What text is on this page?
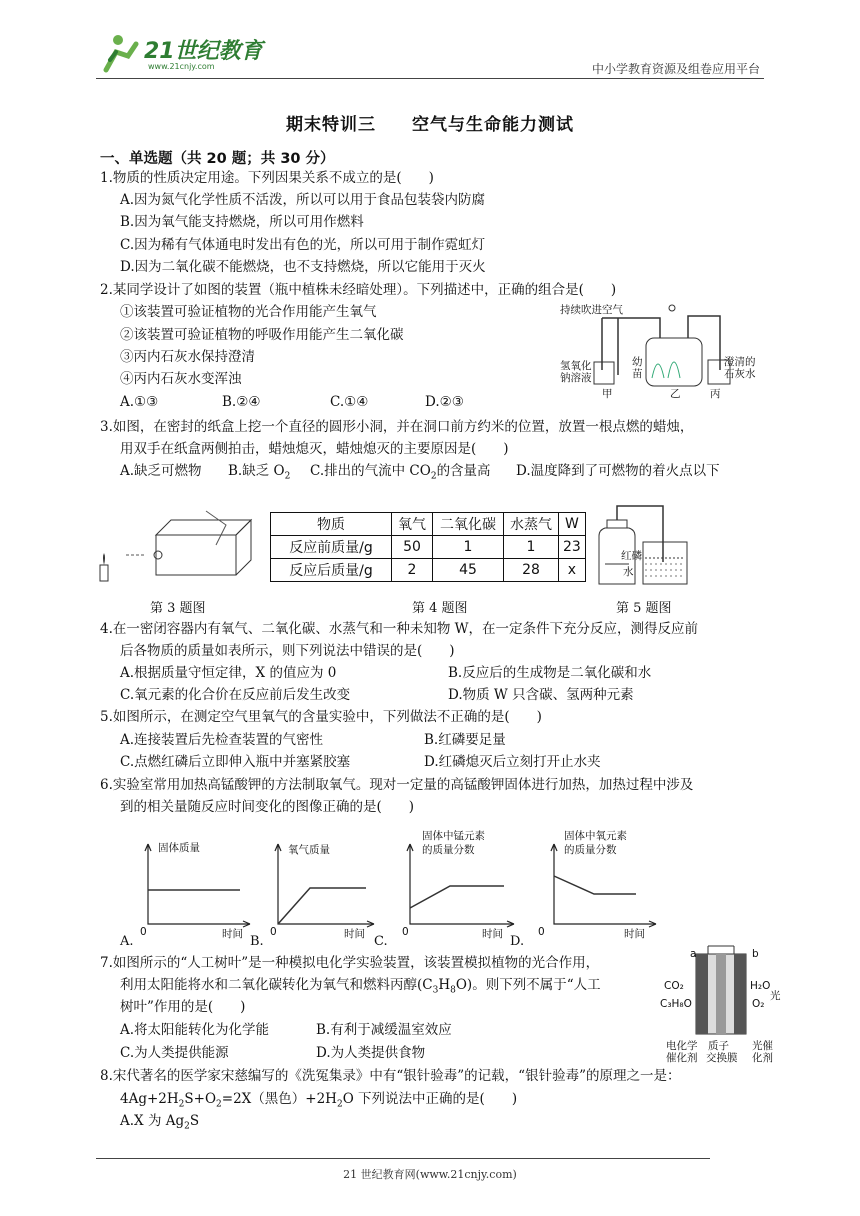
21世纪教育
www.21cnjy.com	中小学教育资源及组卷应用平台
期末特训三　　空气与生命能力测试
一、单选题（共 20 题；共 30 分）
1.物质的性质决定用途。下列因果关系不成立的是(　　)
A.因为氮气化学性质不活泼，所以可以用于食品包装袋内防腐
B.因为氧气能支持燃烧，所以可用作燃料
C.因为稀有气体通电时发出有色的光，所以可用于制作霓虹灯
D.因为二氧化碳不能燃烧，也不支持燃烧，所以它能用于灭火
2.某同学设计了如图的装置（瓶中植株未经暗处理）。下列描述中，正确的组合是(　　)
①该装置可验证植物的光合作用能产生氧气
②该装置可验证植物的呼吸作用能产生二氧化碳
③丙内石灰水保持澄清
④丙内石灰水变浑浊
A.①③	B.②④	C.①④	D.②③
持续吹进空气
氢氧化
钠溶液
幼
苗
澄清的
石灰水
甲	乙	丙
3.如图，在密封的纸盒上挖一个直径的圆形小洞，并在洞口前方约米的位置，放置一根点燃的蜡烛，
用双手在纸盒两侧拍击，蜡烛熄灭，蜡烛熄灭的主要原因是(　　)
A.缺乏可燃物 B.缺乏 $O_2$ C.排出的气流中 $CO_2$的含量高 D.温度降到了可燃物的着火点以下
物质	氧气	二氧化碳	水蒸气	W
反应前质量/g	50	1	1	23
反应后质量/g	2	45	28	x
红磷
水
第 3 题图	第 4 题图	第 5 题图
4.在一密闭容器内有氧气、二氧化碳、水蒸气和一种未知物 W，在一定条件下充分反应，测得反应前
后各物质的质量如表所示，则下列说法中错误的是(　　)
A.根据质量守恒定律，X 的值应为 0	B.反应后的生成物是二氧化碳和水
C.氧元素的化合价在反应前后发生改变	D.物质 W 只含碳、氢两种元素
5.如图所示，在测定空气里氧气的含量实验中，下列做法不正确的是(　　)
A.连接装置后先检查装置的气密性	B.红磷要足量
C.点燃红磷后立即伸入瓶中并塞紧胶塞	D.红磷熄灭后立刻打开止水夹
6.实验室常用加热高锰酸钾的方法制取氧气。现对一定量的高锰酸钾固体进行加热，加热过程中涉及
到的相关量随反应时间变化的图像正确的是(　　)
A.
固体质量
0	时间 B.
氧气质量
0	时间 C.
固体中锰元素
的质量分数
0	时间 D.
固体中氧元素
的质量分数
0	时间
7.如图所示的“人工树叶”是一种模拟电化学实验装置，该装置模拟植物的光合作用，
利用太阳能将水和二氧化碳转化为氧气和燃料丙醇$(C_3H_8O)$。则下列不属于“人工
树叶”作用的是(　　)
A.将太阳能转化为化学能	B.有利于减缓温室效应
C.为人类提供能源	D.为人类提供食物
a	b
CO₂
C₃H₈O
H₂O
O₂
光
电化学
催化剂
质子
交换膜
光催
化剂
8.宋代著名的医学家宋慈编写的《洗冤集录》中有“银针验毒”的记载，“银针验毒”的原理之一是：
$4Ag+2H_2S+O_2=2X$（黑色）$+2H_2O$ 下列说法中正确的是(　　)
A.X 为 $Ag_2S$
21 世纪教育网(www.21cnjy.com)
